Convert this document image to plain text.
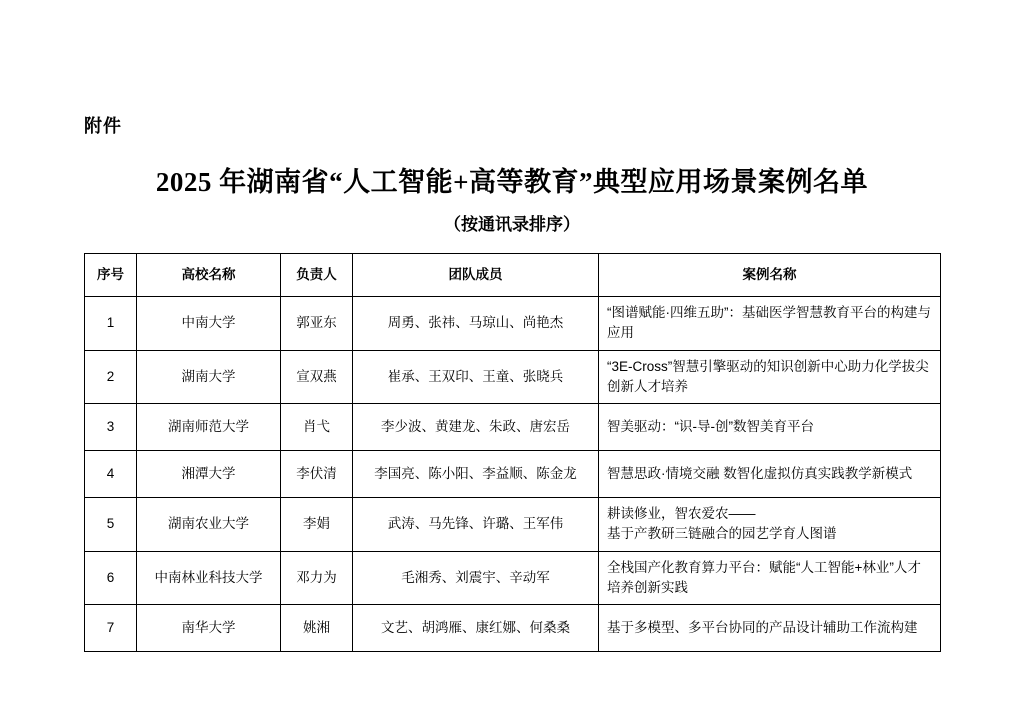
附件
2025 年湖南省“人工智能+高等教育”典型应用场景案例名单
（按通讯录排序）
序号	高校名称	负责人	团队成员	案例名称
1	中南大学	郭亚东	周勇、张祎、马琼山、尚艳杰	“图谱赋能·四维五助”：基础医学智慧教育平台的构建与应用
2	湖南大学	宣双燕	崔承、王双印、王童、张晓兵	“3E-Cross”智慧引擎驱动的知识创新中心助力化学拔尖创新人才培养
3	湖南师范大学	肖弋	李少波、黄建龙、朱政、唐宏岳	智美驱动：“识-导-创”数智美育平台
4	湘潭大学	李伏清	李国亮、陈小阳、李益顺、陈金龙	智慧思政·情境交融 数智化虚拟仿真实践教学新模式
5	湖南农业大学	李娟	武涛、马先锋、许璐、王军伟	耕读修业，智农爱农——
基于产教研三链融合的园艺学育人图谱

6	中南林业科技大学	邓力为	毛湘秀、刘震宇、辛动军	全栈国产化教育算力平台：赋能“人工智能+林业”人才培养创新实践
7	南华大学	姚湘	文艺、胡鸿雁、康红娜、何桑桑	基于多模型、多平台协同的产品设计辅助工作流构建
